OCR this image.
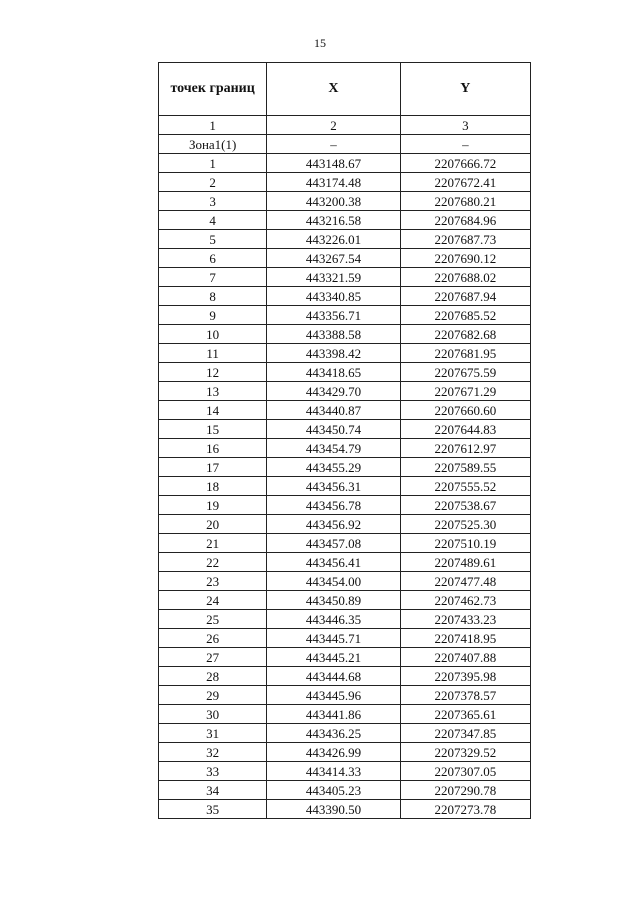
15
точек границ	X	Y
1	2	3
Зона1(1)	–	–
1	443148.67	2207666.72
2	443174.48	2207672.41
3	443200.38	2207680.21
4	443216.58	2207684.96
5	443226.01	2207687.73
6	443267.54	2207690.12
7	443321.59	2207688.02
8	443340.85	2207687.94
9	443356.71	2207685.52
10	443388.58	2207682.68
11	443398.42	2207681.95
12	443418.65	2207675.59
13	443429.70	2207671.29
14	443440.87	2207660.60
15	443450.74	2207644.83
16	443454.79	2207612.97
17	443455.29	2207589.55
18	443456.31	2207555.52
19	443456.78	2207538.67
20	443456.92	2207525.30
21	443457.08	2207510.19
22	443456.41	2207489.61
23	443454.00	2207477.48
24	443450.89	2207462.73
25	443446.35	2207433.23
26	443445.71	2207418.95
27	443445.21	2207407.88
28	443444.68	2207395.98
29	443445.96	2207378.57
30	443441.86	2207365.61
31	443436.25	2207347.85
32	443426.99	2207329.52
33	443414.33	2207307.05
34	443405.23	2207290.78
35	443390.50	2207273.78
